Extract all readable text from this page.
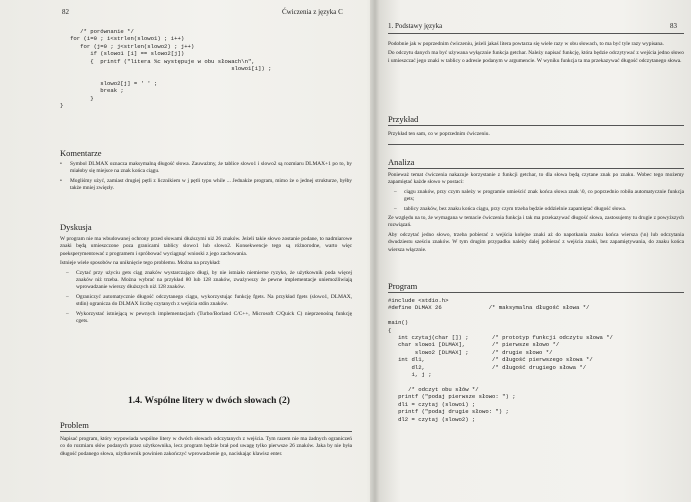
82	Ćwiczenia z języka C
/* porównanie */
for (i=0 ; i<strlen(slowo1) ; i++)
for (j=0 ; j<strlen(slowo2) ; j++)
if (slowo1 [i] == slowo2[j])
{  printf ("litera %c występuje w obu słowach\n",
slowo1[i]) ;

slowo2[j] = ' ' ;
break ;
}
}
Komentarze
• Symbol DLMAX oznacza maksymalną długość słowa. Zauważmy, że tablice slowo1 i slowo2 są rozmiaru DLMAX+1 po to, by miałoby się miejsce na znak końca ciągu.
• Mogliśmy użyć, zamiast drugiej pętli z licznikiem w j pętli typu while ... Jednakże program, mimo że o jednej strukturze, byłby także mniej zwięzły.
Dyskusja

W program nie ma wbudowanej ochrony przed słowami dłuższymi niż 26 znaków. Jeżeli takie słowo zostanie podane, to nadmiarowe znaki będą umieszczone poza granicami tablicy slowo1 lub slowo2. Konsekwencje tego są różnorodne, warto więc poeksperymentować z programem i spróbować wyciągnąć wnioski z jego zachowania.

Istnieje wiele sposobów na uniknięcie tego problemu. Można na przykład:

– Czytać przy użyciu gets ciąg znaków wystarczająco długi, by nie istniało niemierne ryzyko, że użytkownik poda więcej znaków niż trzeba. Można wybrać na przykład 80 lub 128 znaków, zważywszy że pewne implementacje uniemożliwiają wprowadzanie wierszy dłuższych niż 128 znaków.
– Ograniczyć automatycznie długość odczytanego ciągu, wykorzystując funkcję fgets. Na przykład fgets (slowo1, DLMAX, stdin) ogranicza do DLMAX liczbę czytanych z wejścia stdin znaków.
– Wykorzystać istniejącą w pewnych implementacjach (Turbo/Borland C/C++, Microsoft C/Quick C) nieprzenośną funkcję cgets.
1.4. Wspólne litery w dwóch słowach (2)
Problem
Napisać program, który wypowiada wspólne litery w dwóch słowach odczytanych z wejścia. Tym razem nie ma żadnych ograniczeń co do rozmiaru słów podanych przez użytkownika, lecz program będzie brał pod uwagę tylko pierwsze 26 znaków. Jaka by nie była długość podanego słowa, użytkownik powinien zakończyć wprowadzenie go, naciskając klawisz enter.
1. Podstawy języka	83

Podobnie jak w poprzednim ćwiczeniu, jeżeli jakaś litera powtarza się wiele razy w obu słowach, to ma być tyle razy wypisana.

Do odczytu danych ma być używana wyłącznie funkcja getchar. Należy napisać funkcję, która będzie odczytywać z wejścia jedno słowo i umieszczać jego znaki w tablicy o adresie podanym w argumencie. W wyniku funkcja ta ma przekazywać długość odczytanego słowa.

Przykład
Przykład ten sam, co w poprzednim ćwiczeniu.
Analiza

Ponieważ temat ćwiczenia nakazuje korzystanie z funkcji getchar, to dla słowa będą czytane znak po znaku. Wobec tego możemy zapamiętać każde słowo w postaci:

– ciągu znaków, przy czym należy w programie umieścić znak końca słowa znak \0, co poprzednio robiła automatycznie funkcja gets;
– tablicy znaków, bez znaku końca ciągu, przy czym trzeba będzie oddzielnie zapamiętać długość słowa.

Ze względu na to, że wymagana w temacie ćwiczenia funkcja i tak ma przekazywać długość słowa, zastosujemy tu drugie z powyższych rozwiązań.

Aby odczytać jedno słowo, trzeba pobierać z wejścia kolejne znaki aż do napotkania znaku końca wiersza (\n) lub odczytania dwudziestu sześciu znaków. W tym drugim przypadku należy dalej pobierać z wejścia znaki, bez zapamiętywania, do znaku końca wiersza włącznie.

Program
#include <stdio.h>
#define DLMAX 26              /* maksymalna długość słowa */

main()
{
int czytaj(char []) ;       /* prototyp funkcji odczytu słowa */
char slowo1 [DLMAX],        /* pierwsze słowo */
slowo2 [DLMAX] ;       /* drugie słowo */
int dl1,                    /* długość pierwszego słowa */
dl2,                    /* długość drugiego słowa */
i, j ;

/* odczyt obu słów */
printf ("podaj pierwsze słowo: ") ;
dl1 = czytaj (slowo1) ;
printf ("podaj drugie słowo: ") ;
dl2 = czytaj (slowo2) ;
